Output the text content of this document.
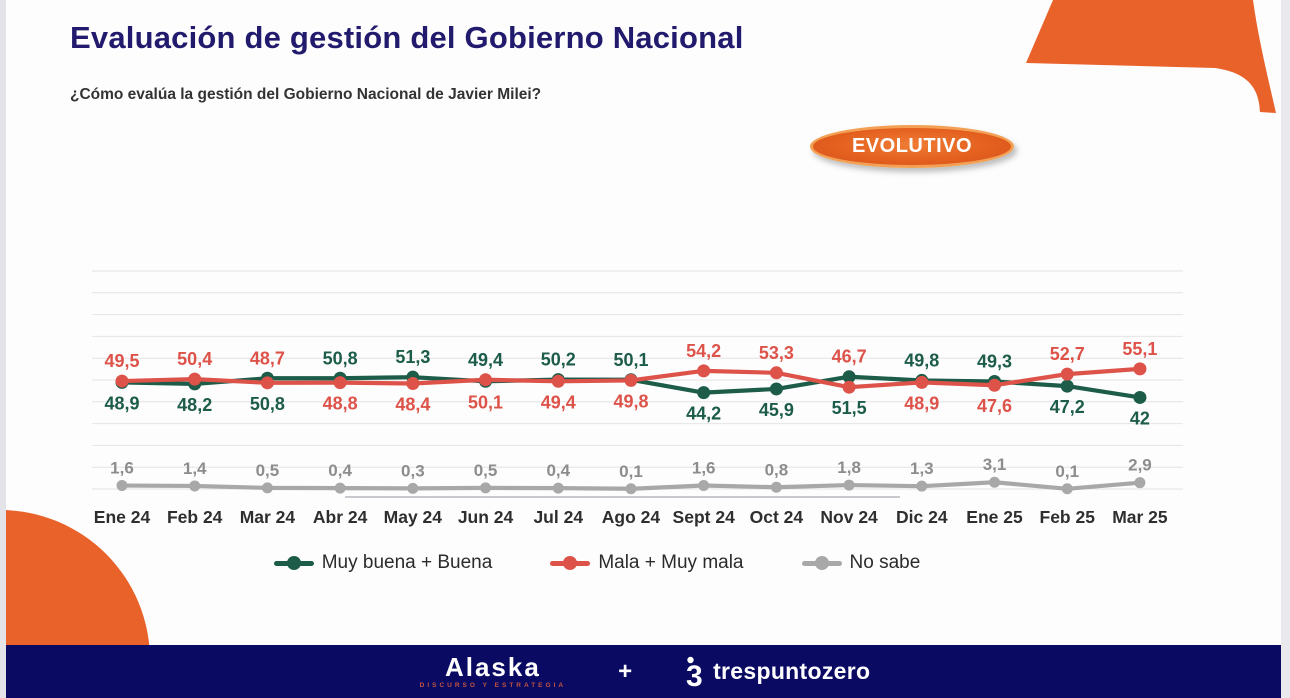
Evaluación de gestión del Gobierno Nacional
¿Cómo evalúa la gestión del Gobierno Nacional de Javier Milei?
EVOLUTIVO
49,5
48,9
1,6
50,4
48,2
1,4
48,7
50,8
0,5
50,8
48,8
0,4
51,3
48,4
0,3
49,4
50,1
0,5
50,2
49,4
0,4
50,1
49,8
0,1
54,2
44,2
1,6
53,3
45,9
0,8
46,7
51,5
1,8
49,8
48,9
1,3
49,3
47,6
3,1
52,7
47,2
0,1
55,1
42
2,9
Ene 24 Feb 24 Mar 24 Abr 24 May 24 Jun 24 Jul 24 Ago 24 Sept 24 Oct 24 Nov 24 Dic 24 Ene 25 Feb 25 Mar 25
Muy buena + Buena	Mala + Muy mala	No sabe
Alaska
DISCURSO Y ESTRATEGIA
+ 3 trespuntozero
